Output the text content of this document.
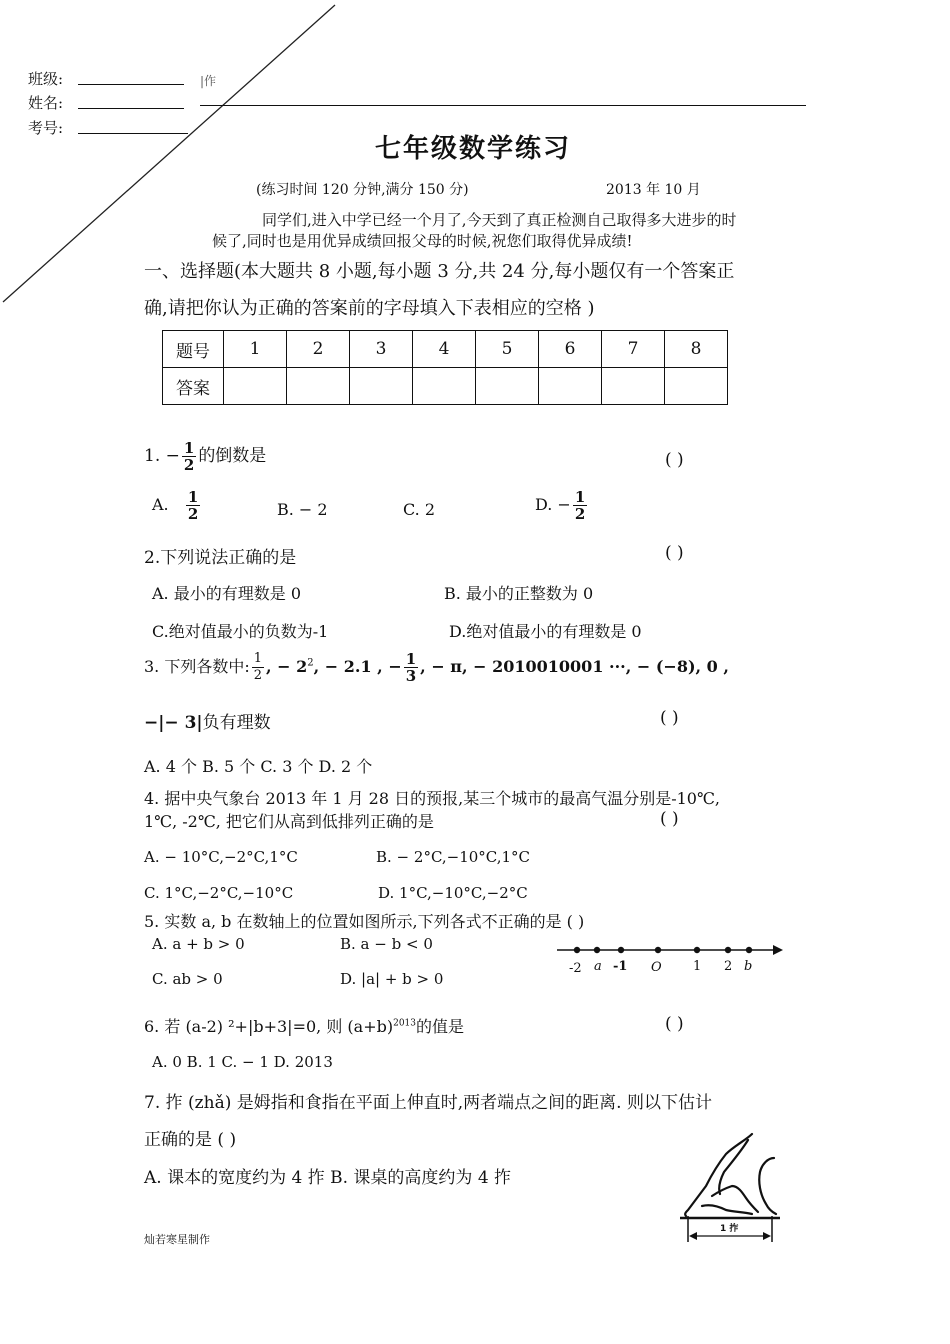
班级:	|作
姓名:
考号:
七年级数学练习
(练习时间 120 分钟,满分 150 分)	2013 年 10 月
同学们,进入中学已经一个月了,今天到了真正检测自己取得多大进步的时
候了,同时也是用优异成绩回报父母的时候,祝您们取得优异成绩!
一、选择题(本大题共 8 小题,每小题 3 分,共 24 分,每小题仅有一个答案正
确,请把你认为正确的答案前的字母填入下表相应的空格 )
题号	1	2	3	4	5	6	7	8
答案								
1. − $\frac{1}{2}$ 的倒数是	( )
A. $\frac{1}{2}$	B. − 2	C. 2	D. − $\frac{1}{2}$
2.下列说法正确的是	( )
A. 最小的有理数是 0	B. 最小的正整数为 0
C.绝对值最小的负数为-1	D.绝对值最小的有理数是 0
3. 下列各数中: $\frac{1}{2}$ , − $2^2$, − 2.1 , − $\frac{1}{3}$ , − π, − 2010010001 ···, − (−8), 0 ,
−|− 3|负有理数	( )
A. 4 个 B. 5 个 C. 3 个 D. 2 个
4. 据中央气象台 2013 年 1 月 28 日的预报,某三个城市的最高气温分别是-10℃,
1℃, -2℃, 把它们从高到低排列正确的是	( )
A. − 10°C,−2°C,1°C	B. − 2°C,−10°C,1°C
C. 1°C,−2°C,−10°C	D. 1°C,−10°C,−2°C
5. 实数 a, b 在数轴上的位置如图所示,下列各式不正确的是 ( )
A. a + b > 0	B. a − b < 0
C. ab > 0	D. |a| + b > 0
-2 a -1 O 1 2 b
6. 若 (a-2) ²+|b+3|=0, 则 $(a+b)^{2013}$的值是	( )
A. 0 B. 1 C. − 1 D. 2013
7. 拃 (zhǎ) 是姆指和食指在平面上伸直时,两者端点之间的距离. 则以下估计
正确的是 ( )
A. 课本的宽度约为 4 拃 B. 课桌的高度约为 4 拃
1 拃
灿若寒星制作
